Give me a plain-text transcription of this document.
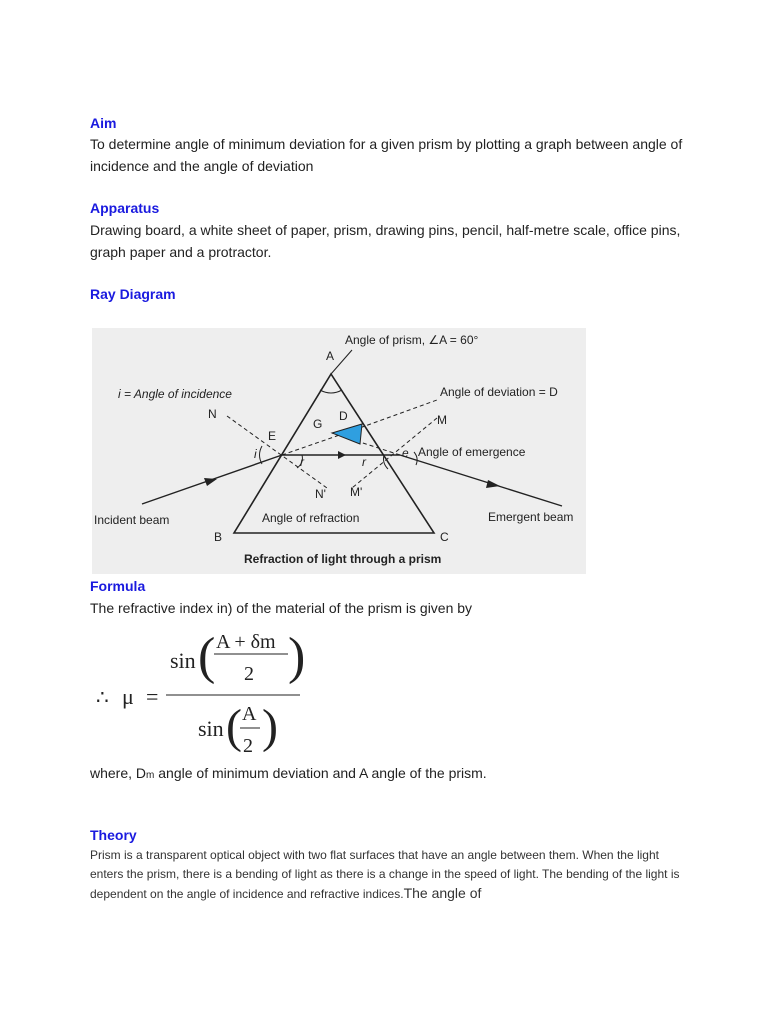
Aim
To determine angle of minimum deviation for a given prism by plotting a graph between angle of incidence and the angle of deviation
Apparatus
Drawing board, a white sheet of paper, prism, drawing pins, pencil, half-metre scale, office pins, graph paper and a protractor.
Ray Diagram
Angle of prism, ∠A = 60°
A
i = Angle of incidence	Angle of deviation = D
N	M
E
G
D
Angle of emergence
i
r	r
e
N' M'
Incident beam	Angle of refraction	Emergent beam
B	C
Refraction of light through a prism
Formula
The refractive index in) of the material of the prism is given by
∴ μ =
sin ( A + δm
2 )
sin ( A
2 )
where, Dm angle of minimum deviation and A angle of the prism.
Theory
Prism is a transparent optical object with two flat surfaces that have an angle between them. When the light enters the prism, there is a bending of light as there is a change in the speed of light. The bending of the light is dependent on the angle of incidence and refractive indices.The angle of
